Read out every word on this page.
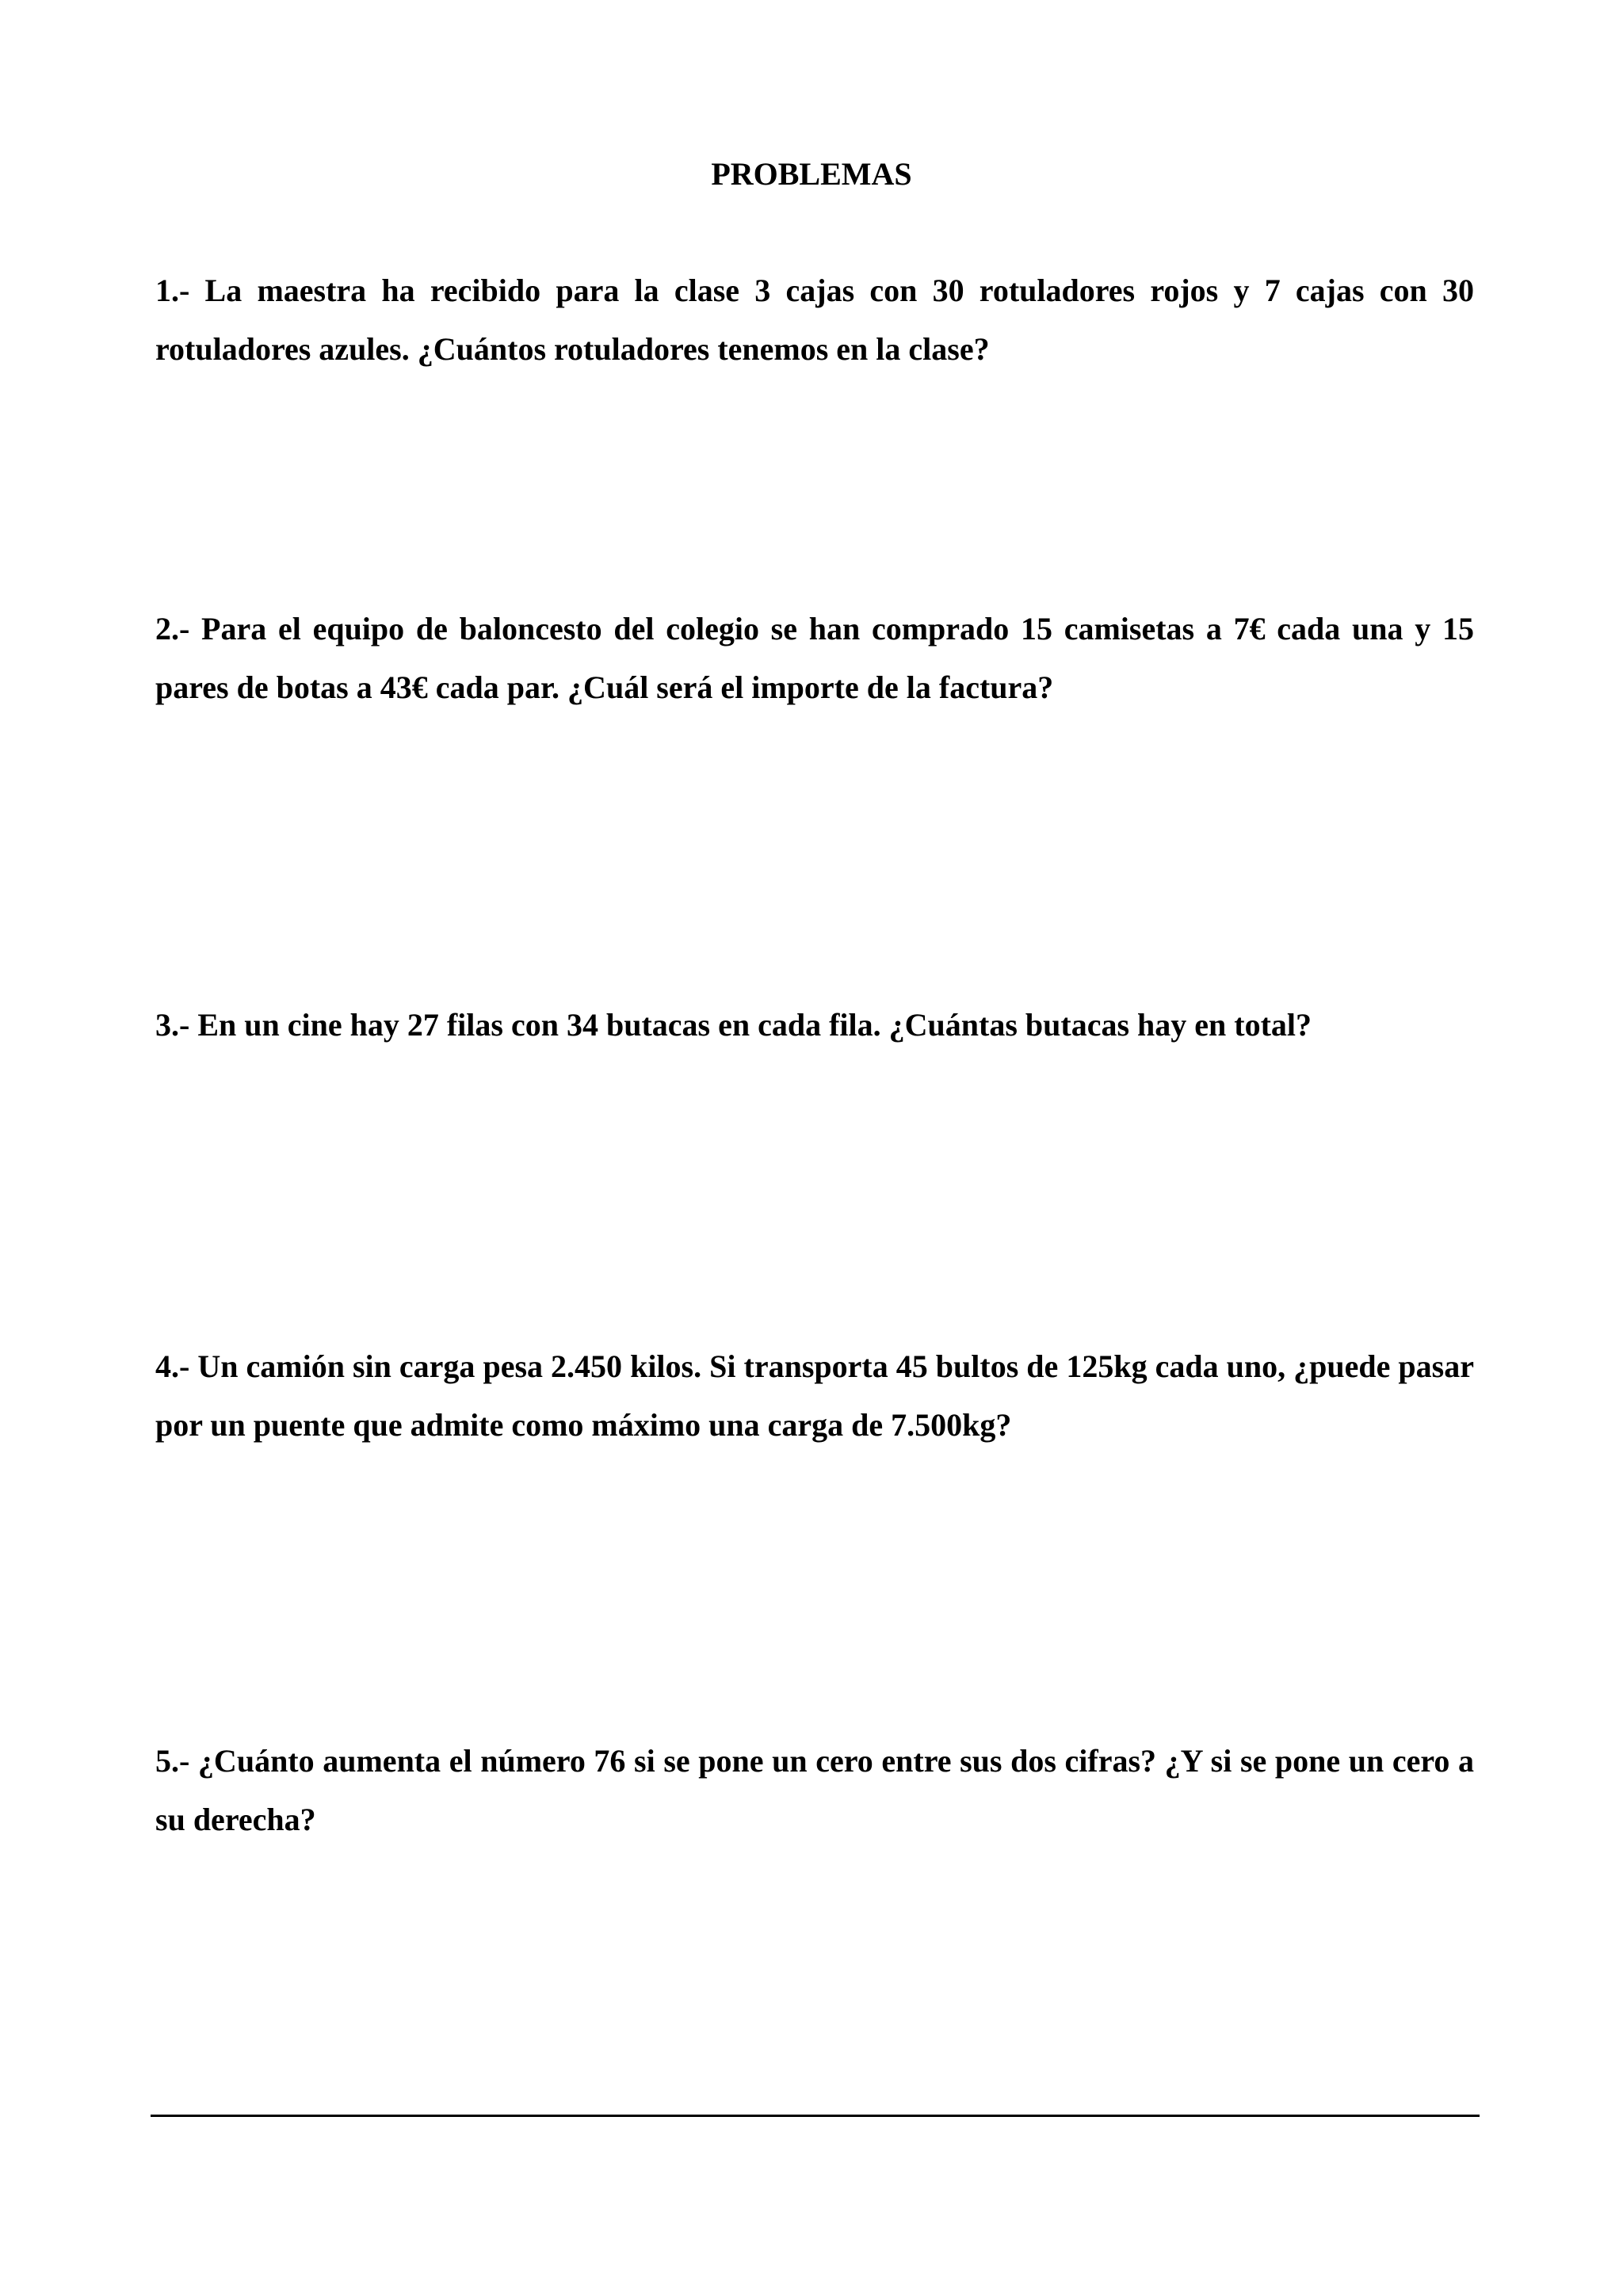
PROBLEMAS

1.- La maestra ha recibido para la clase 3 cajas con 30 rotuladores rojos y 7 cajas con 30 rotuladores azules. ¿Cuántos rotuladores tenemos en la clase?

2.- Para el equipo de baloncesto del colegio se han comprado 15 camisetas a 7€ cada una y 15 pares de botas a 43€ cada par. ¿Cuál será el importe de la factura?

3.- En un cine hay 27 filas con 34 butacas en cada fila. ¿Cuántas butacas hay en total?

4.- Un camión sin carga pesa 2.450 kilos. Si transporta 45 bultos de 125kg cada uno, ¿puede pasar por un puente que admite como máximo una carga de 7.500kg?

5.- ¿Cuánto aumenta el número 76 si se pone un cero entre sus dos cifras? ¿Y si se pone un cero a su derecha?
